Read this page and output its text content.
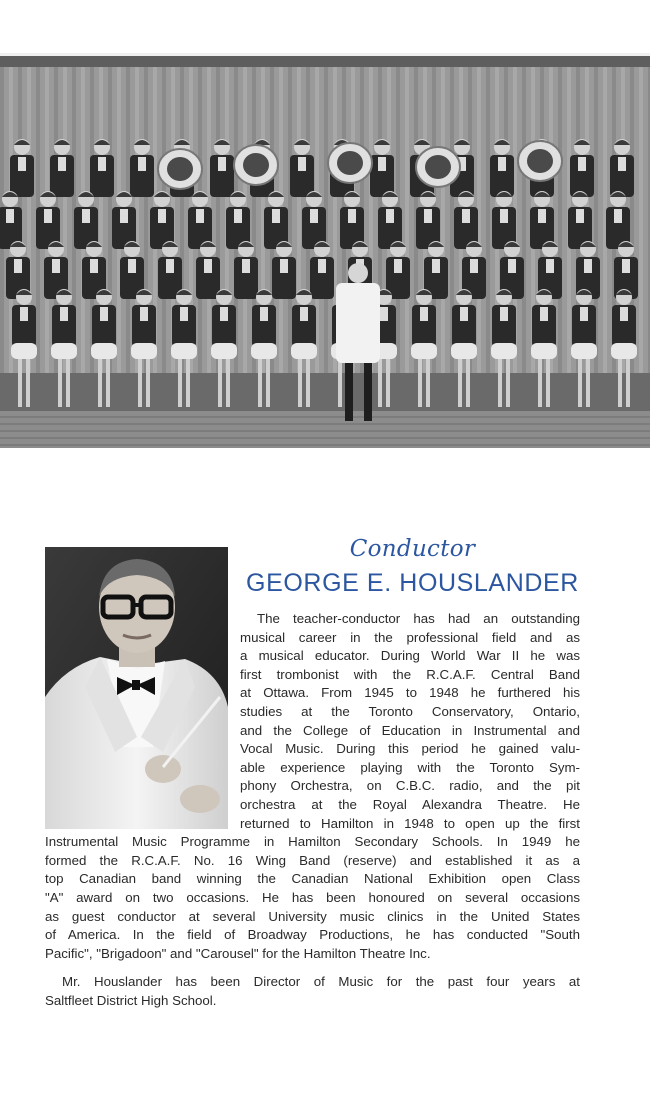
Conductor
GEORGE E. HOUSLANDER
The teacher-conductor has had an outstanding
musical career in the professional field and as
a musical educator. During World War II he was
first trombonist with the R.C.A.F. Central Band
at Ottawa. From 1945 to 1948 he furthered his
studies at the Toronto Conservatory, Ontario,
and the College of Education in Instrumental and
Vocal Music. During this period he gained valu-
able experience playing with the Toronto Sym-
phony Orchestra, on C.B.C. radio, and the pit
orchestra at the Royal Alexandra Theatre. He
returned to Hamilton in 1948 to open up the first
Instrumental Music Programme in Hamilton Secondary Schools. In 1949 he
formed the R.C.A.F. No. 16 Wing Band (reserve) and established it as a
top Canadian band winning the Canadian National Exhibition open Class
"A" award on two occasions. He has been honoured on several occasions
as guest conductor at several University music clinics in the United States
of America. In the field of Broadway Productions, he has conducted "South
Pacific", "Brigadoon" and "Carousel" for the Hamilton Theatre Inc.
Mr. Houslander has been Director of Music for the past four years at
Saltfleet District High School.
